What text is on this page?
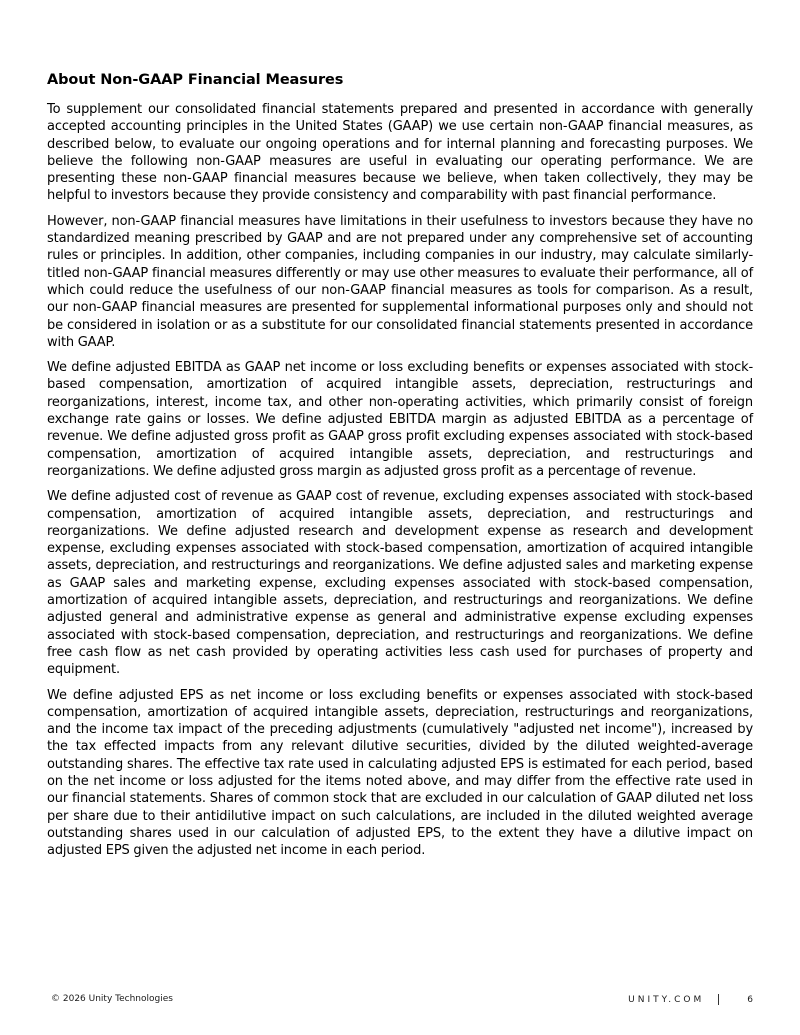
About Non-GAAP Financial Measures

To supplement our consolidated financial statements prepared and presented in accordance with generally accepted accounting principles in the United States (GAAP) we use certain non-GAAP financial measures, as described below, to evaluate our ongoing operations and for internal planning and forecasting purposes. We believe the following non-GAAP measures are useful in evaluating our operating performance. We are presenting these non-GAAP financial measures because we believe, when taken collectively, they may be helpful to investors because they provide consistency and comparability with past financial performance.

However, non-GAAP financial measures have limitations in their usefulness to investors because they have no standardized meaning prescribed by GAAP and are not prepared under any comprehensive set of accounting rules or principles. In addition, other companies, including companies in our industry, may calculate similarly-titled non-GAAP financial measures differently or may use other measures to evaluate their performance, all of which could reduce the usefulness of our non-GAAP financial measures as tools for comparison. As a result, our non-GAAP financial measures are presented for supplemental informational purposes only and should not be considered in isolation or as a substitute for our consolidated financial statements presented in accordance with GAAP.

We define adjusted EBITDA as GAAP net income or loss excluding benefits or expenses associated with stock-based compensation, amortization of acquired intangible assets, depreciation, restructurings and reorganizations, interest, income tax, and other non-operating activities, which primarily consist of foreign exchange rate gains or losses. We define adjusted EBITDA margin as adjusted EBITDA as a percentage of revenue. We define adjusted gross profit as GAAP gross profit excluding expenses associated with stock-based compensation, amortization of acquired intangible assets, depreciation, and restructurings and reorganizations. We define adjusted gross margin as adjusted gross profit as a percentage of revenue.

We define adjusted cost of revenue as GAAP cost of revenue, excluding expenses associated with stock-based compensation, amortization of acquired intangible assets, depreciation, and restructurings and reorganizations. We define adjusted research and development expense as research and development expense, excluding expenses associated with stock-based compensation, amortization of acquired intangible assets, depreciation, and restructurings and reorganizations. We define adjusted sales and marketing expense as GAAP sales and marketing expense, excluding expenses associated with stock-based compensation, amortization of acquired intangible assets, depreciation, and restructurings and reorganizations. We define adjusted general and administrative expense as general and administrative expense excluding expenses associated with stock-based compensation, depreciation, and restructurings and reorganizations. We define free cash flow as net cash provided by operating activities less cash used for purchases of property and equipment.

We define adjusted EPS as net income or loss excluding benefits or expenses associated with stock-based compensation, amortization of acquired intangible assets, depreciation, restructurings and reorganizations, and the income tax impact of the preceding adjustments (cumulatively "adjusted net income"), increased by the tax effected impacts from any relevant dilutive securities, divided by the diluted weighted-average outstanding shares. The effective tax rate used in calculating adjusted EPS is estimated for each period, based on the net income or loss adjusted for the items noted above, and may differ from the effective rate used in our financial statements. Shares of common stock that are excluded in our calculation of GAAP diluted net loss per share due to their antidilutive impact on such calculations, are included in the diluted weighted average outstanding shares used in our calculation of adjusted EPS, to the extent they have a dilutive impact on adjusted EPS given the adjusted net income in each period.

© 2026 Unity Technologies	UNITY.COM	6
